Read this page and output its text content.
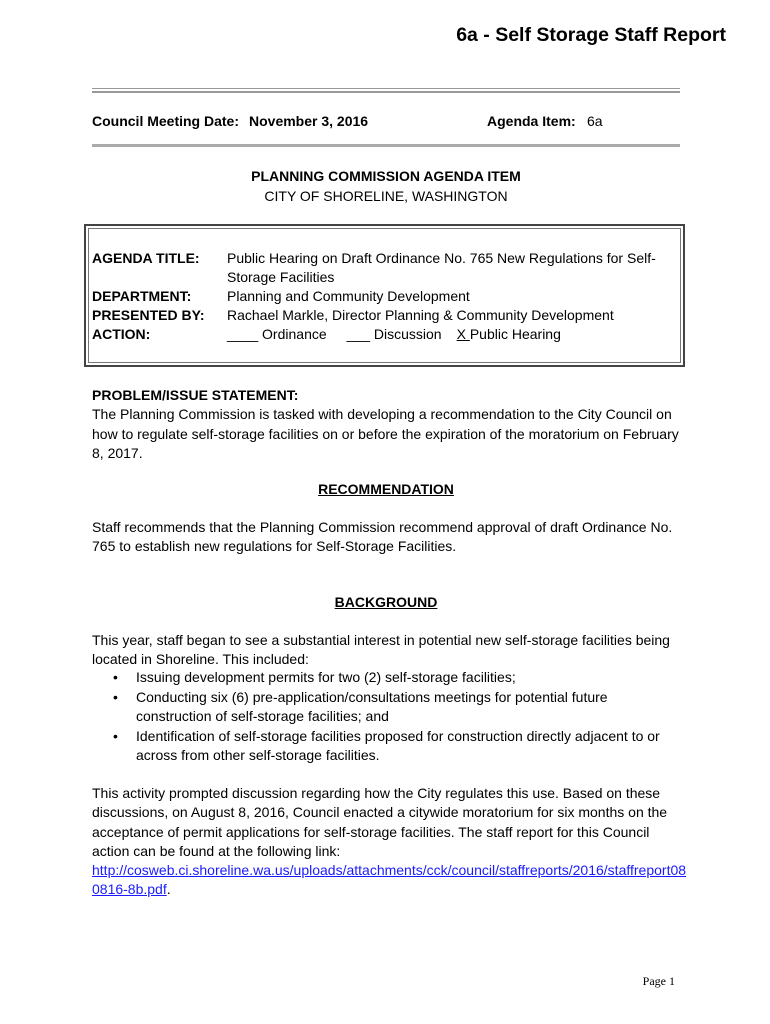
6a - Self Storage Staff Report
Council Meeting Date: November 3, 2016	Agenda Item: 6a
PLANNING COMMISSION AGENDA ITEM
CITY OF SHORELINE, WASHINGTON
AGENDA TITLE: Public Hearing on Draft Ordinance No. 765 New Regulations for Self-
Storage Facilities
DEPARTMENT:	Planning and Community Development
PRESENTED BY: Rachael Markle, Director Planning & Community Development
ACTION:	____ Ordinance ___ Discussion X Public Hearing
PROBLEM/ISSUE STATEMENT:
The Planning Commission is tasked with developing a recommendation to the City Council on
how to regulate self-storage facilities on or before the expiration of the moratorium on February
8, 2017.
RECOMMENDATION
Staff recommends that the Planning Commission recommend approval of draft Ordinance No.
765 to establish new regulations for Self-Storage Facilities.
BACKGROUND
This year, staff began to see a substantial interest in potential new self-storage facilities being
located in Shoreline. This included:
• Issuing development permits for two (2) self-storage facilities;
• Conducting six (6) pre-application/consultations meetings for potential future
construction of self-storage facilities; and
• Identification of self-storage facilities proposed for construction directly adjacent to or
across from other self-storage facilities.
This activity prompted discussion regarding how the City regulates this use. Based on these
discussions, on August 8, 2016, Council enacted a citywide moratorium for six months on the
acceptance of permit applications for self-storage facilities. The staff report for this Council
action can be found at the following link:
http://cosweb.ci.shoreline.wa.us/uploads/attachments/cck/council/staffreports/2016/staffreport08
0816-8b.pdf.
Page 1
